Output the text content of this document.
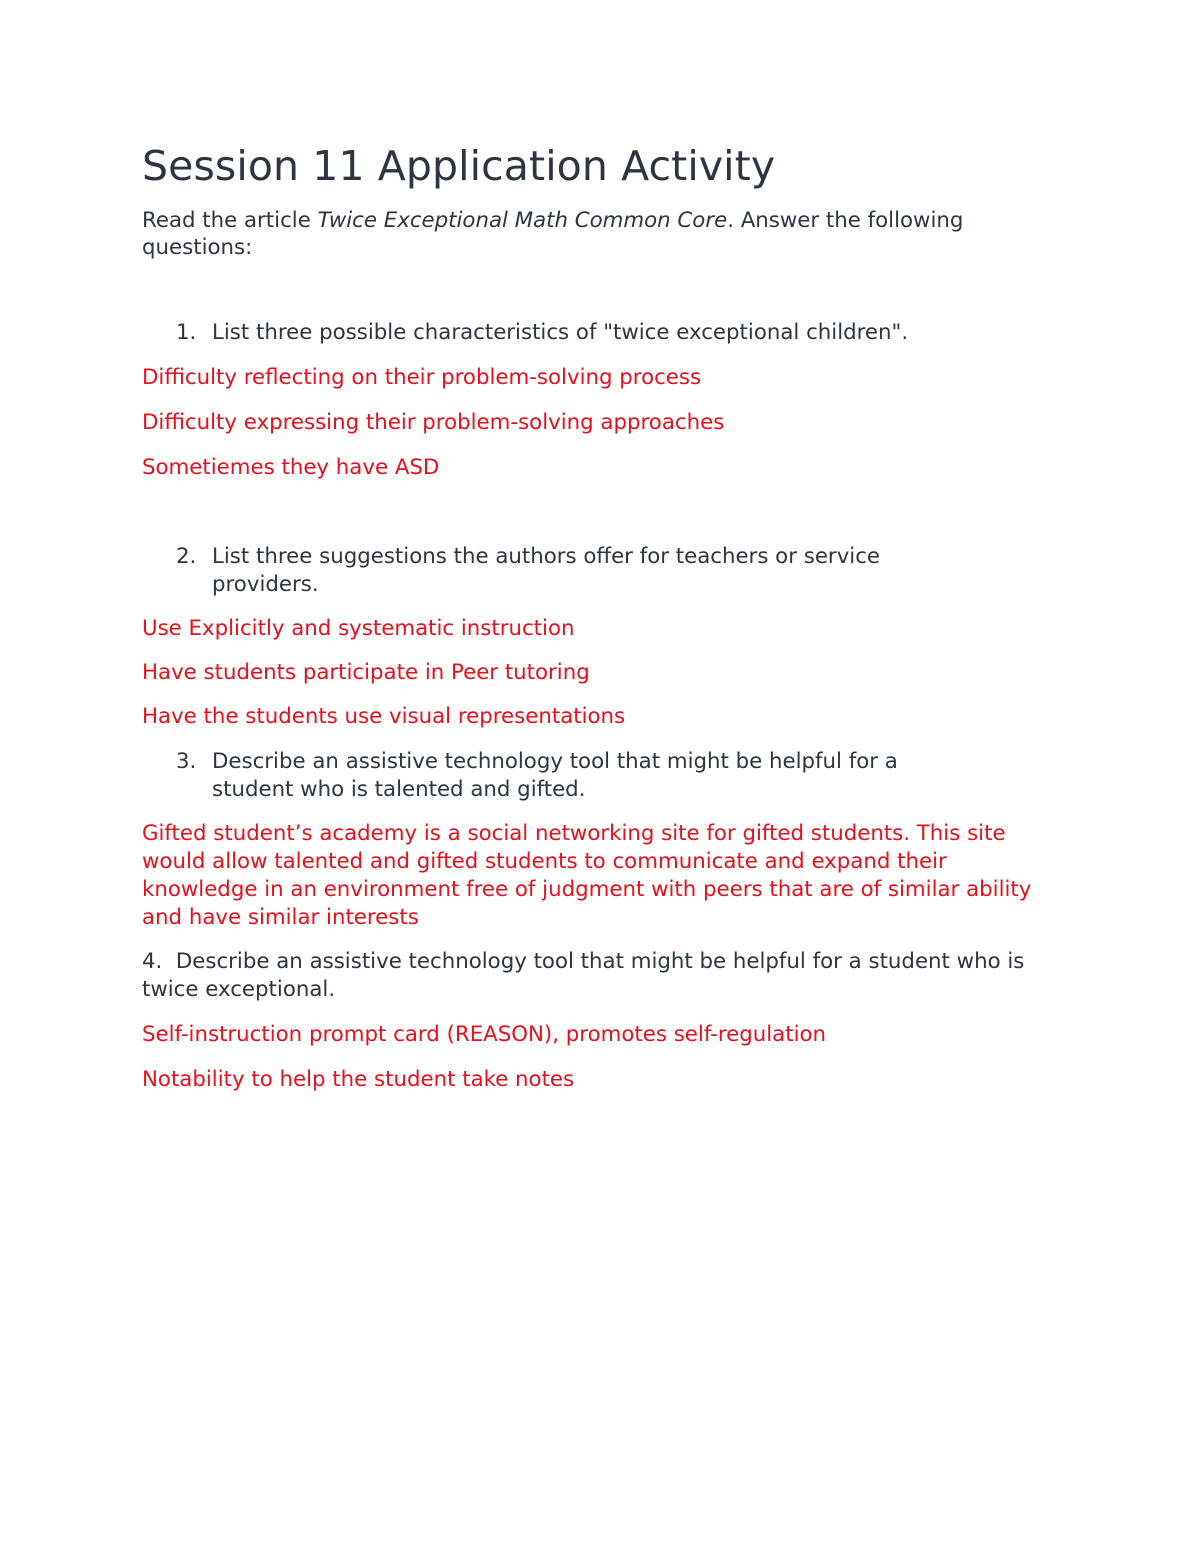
Session 11 Application Activity

Read the article Twice Exceptional Math Common Core. Answer the following questions:

1. List three possible characteristics of "twice exceptional children".
Difficulty reflecting on their problem-solving process
Difficulty expressing their problem-solving approaches
Sometiemes they have ASD
2. List three suggestions the authors offer for teachers or service providers.
Use Explicitly and systematic instruction
Have students participate in Peer tutoring
Have the students use visual representations
3. Describe an assistive technology tool that might be helpful for a student who is talented and gifted.
Gifted student’s academy is a social networking site for gifted students. This site would allow talented and gifted students to communicate and expand their knowledge in an environment free of judgment with peers that are of similar ability and have similar interests
4. Describe an assistive technology tool that might be helpful for a student who is twice exceptional.
Self-instruction prompt card (REASON), promotes self-regulation
Notability to help the student take notes
